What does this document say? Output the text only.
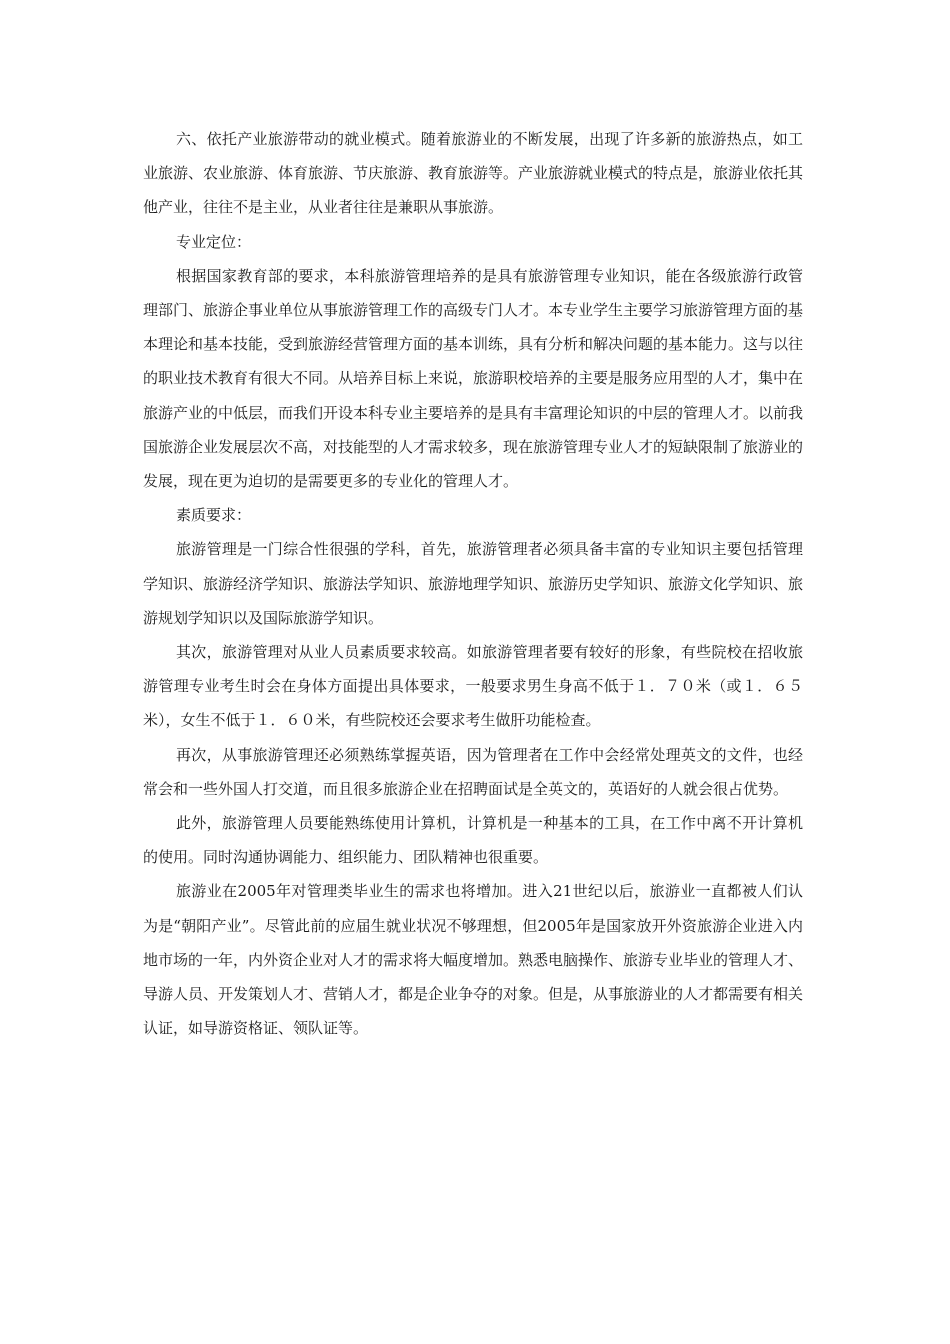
六、依托产业旅游带动的就业模式。随着旅游业的不断发展，出现了许多新的旅游热点，如工业旅游、农业旅游、体育旅游、节庆旅游、教育旅游等。产业旅游就业模式的特点是，旅游业依托其他产业，往往不是主业，从业者往往是兼职从事旅游。

专业定位：

根据国家教育部的要求，本科旅游管理培养的是具有旅游管理专业知识，能在各级旅游行政管理部门、旅游企事业单位从事旅游管理工作的高级专门人才。本专业学生主要学习旅游管理方面的基本理论和基本技能，受到旅游经营管理方面的基本训练，具有分析和解决问题的基本能力。这与以往的职业技术教育有很大不同。从培养目标上来说，旅游职校培养的主要是服务应用型的人才，集中在旅游产业的中低层，而我们开设本科专业主要培养的是具有丰富理论知识的中层的管理人才。以前我国旅游企业发展层次不高，对技能型的人才需求较多，现在旅游管理专业人才的短缺限制了旅游业的发展，现在更为迫切的是需要更多的专业化的管理人才。

素质要求：

旅游管理是一门综合性很强的学科，首先，旅游管理者必须具备丰富的专业知识主要包括管理学知识、旅游经济学知识、旅游法学知识、旅游地理学知识、旅游历史学知识、旅游文化学知识、旅游规划学知识以及国际旅游学知识。

其次，旅游管理对从业人员素质要求较高。如旅游管理者要有较好的形象，有些院校在招收旅游管理专业考生时会在身体方面提出具体要求，一般要求男生身高不低于１．７０米（或１．６５米），女生不低于１．６０米，有些院校还会要求考生做肝功能检查。

再次，从事旅游管理还必须熟练掌握英语，因为管理者在工作中会经常处理英文的文件，也经常会和一些外国人打交道，而且很多旅游企业在招聘面试是全英文的，英语好的人就会很占优势。

此外，旅游管理人员要能熟练使用计算机，计算机是一种基本的工具，在工作中离不开计算机的使用。同时沟通协调能力、组织能力、团队精神也很重要。

旅游业在2005年对管理类毕业生的需求也将增加。进入21世纪以后，旅游业一直都被人们认为是“朝阳产业”。尽管此前的应届生就业状况不够理想，但2005年是国家放开外资旅游企业进入内地市场的一年，内外资企业对人才的需求将大幅度增加。熟悉电脑操作、旅游专业毕业的管理人才、导游人员、开发策划人才、营销人才，都是企业争夺的对象。但是，从事旅游业的人才都需要有相关认证，如导游资格证、领队证等。
